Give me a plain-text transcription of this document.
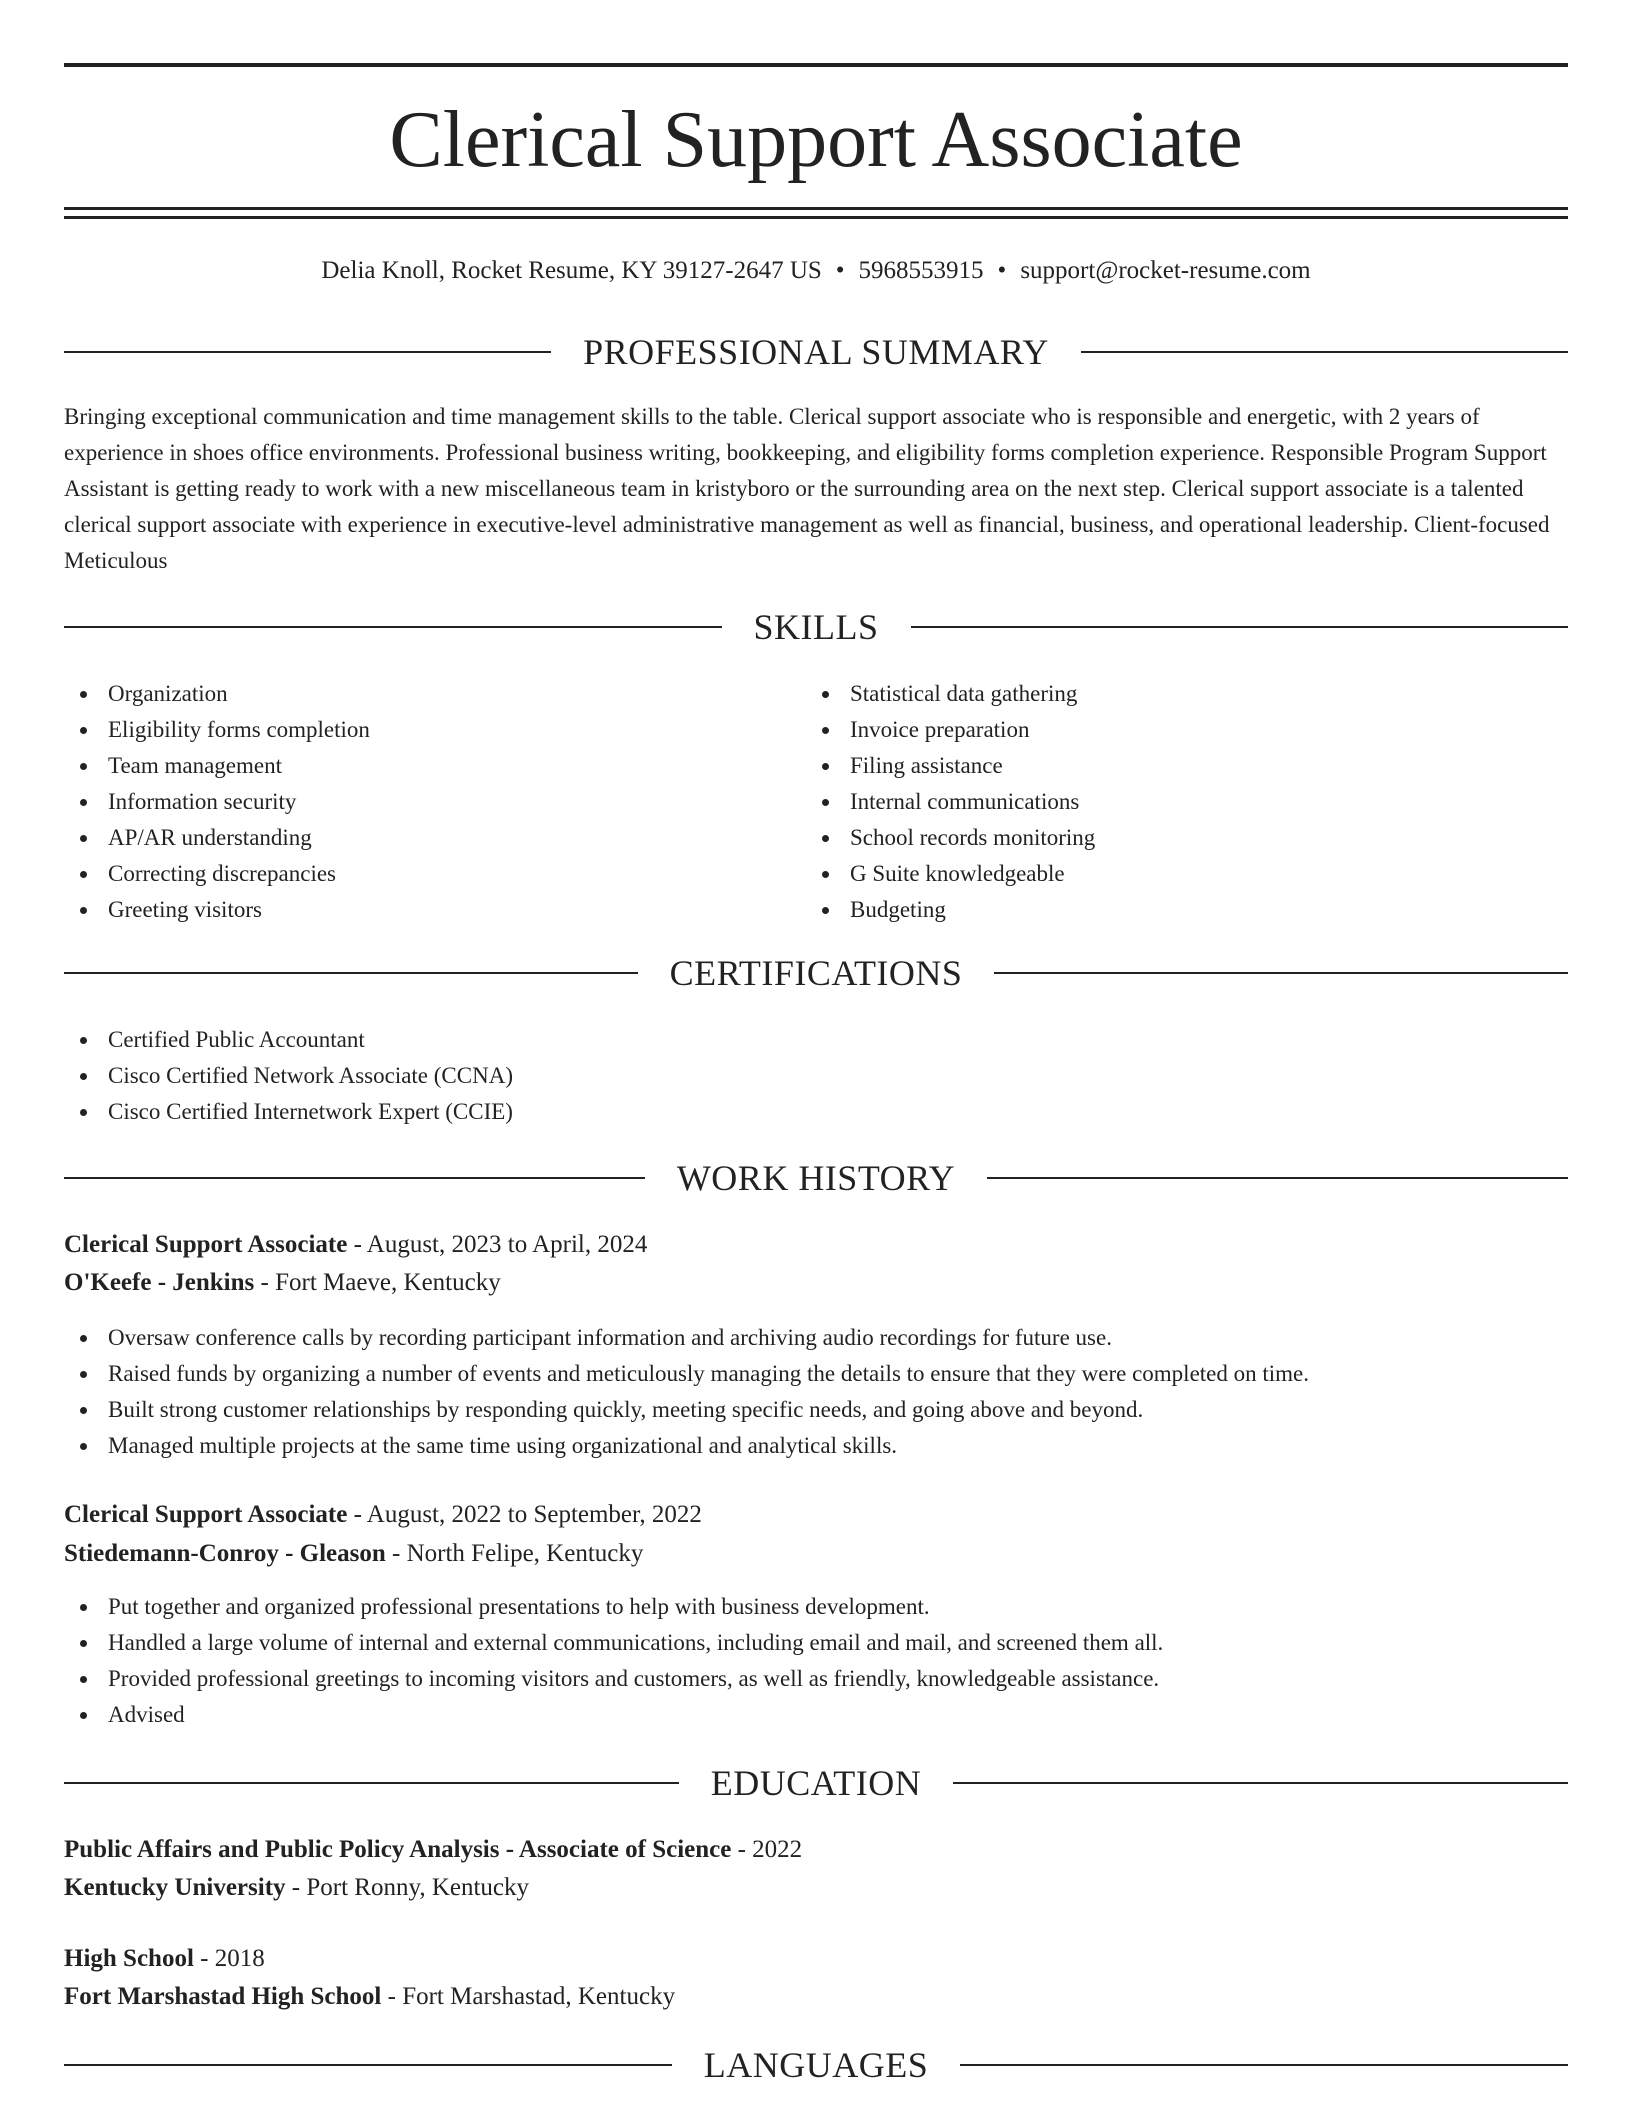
Clerical Support Associate
Delia Knoll, Rocket Resume, KY 39127-2647 US • 5968553915 • support@rocket-resume.com
PROFESSIONAL SUMMARY

Bringing exceptional communication and time management skills to the table. Clerical support associate who is responsible and energetic, with 2 years of experience in shoes office environments. Professional business writing, bookkeeping, and eligibility forms completion experience. Responsible Program Support Assistant is getting ready to work with a new miscellaneous team in kristyboro or the surrounding area on the next step. Clerical support associate is a talented clerical support associate with experience in executive-level administrative management as well as financial, business, and operational leadership. Client-focused Meticulous

SKILLS
Organization
Eligibility forms completion
Team management
Information security
AP/AR understanding
Correcting discrepancies
Greeting visitors
Statistical data gathering
Invoice preparation
Filing assistance
Internal communications
School records monitoring
G Suite knowledgeable
Budgeting
CERTIFICATIONS
Certified Public Accountant
Cisco Certified Network Associate (CCNA)
Cisco Certified Internetwork Expert (CCIE)
WORK HISTORY
Clerical Support Associate - August, 2023 to April, 2024
O'Keefe - Jenkins - Fort Maeve, Kentucky
Oversaw conference calls by recording participant information and archiving audio recordings for future use.
Raised funds by organizing a number of events and meticulously managing the details to ensure that they were completed on time.
Built strong customer relationships by responding quickly, meeting specific needs, and going above and beyond.
Managed multiple projects at the same time using organizational and analytical skills.
Clerical Support Associate - August, 2022 to September, 2022
Stiedemann-Conroy - Gleason - North Felipe, Kentucky
Put together and organized professional presentations to help with business development.
Handled a large volume of internal and external communications, including email and mail, and screened them all.
Provided professional greetings to incoming visitors and customers, as well as friendly, knowledgeable assistance.
Advised
EDUCATION
Public Affairs and Public Policy Analysis - Associate of Science - 2022
Kentucky University - Port Ronny, Kentucky
High School - 2018
Fort Marshastad High School - Fort Marshastad, Kentucky
LANGUAGES
